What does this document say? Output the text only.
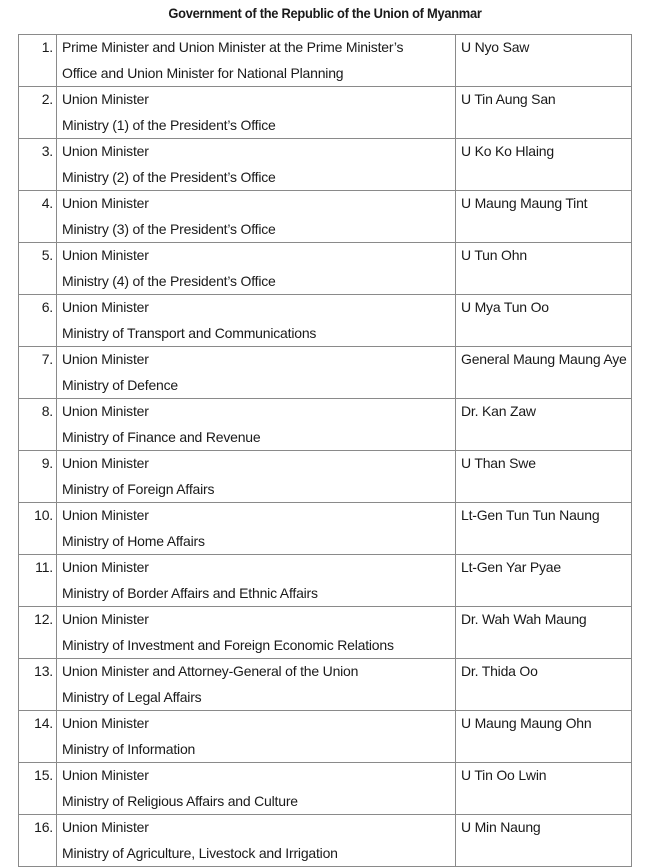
Government of the Republic of the Union of Myanmar
1.	Prime Minister and Union Minister at the Prime Minister’s
Office and Union Minister for National Planning	U Nyo Saw
2.	Union Minister
Ministry (1) of the President’s Office	U Tin Aung San
3.	Union Minister
Ministry (2) of the President’s Office	U Ko Ko Hlaing
4.	Union Minister
Ministry (3) of the President’s Office	U Maung Maung Tint
5.	Union Minister
Ministry (4) of the President’s Office	U Tun Ohn
6.	Union Minister
Ministry of Transport and Communications	U Mya Tun Oo
7.	Union Minister
Ministry of Defence	General Maung Maung Aye
8.	Union Minister
Ministry of Finance and Revenue	Dr. Kan Zaw
9.	Union Minister
Ministry of Foreign Affairs	U Than Swe
10.	Union Minister
Ministry of Home Affairs	Lt-Gen Tun Tun Naung
11.	Union Minister
Ministry of Border Affairs and Ethnic Affairs	Lt-Gen Yar Pyae
12.	Union Minister
Ministry of Investment and Foreign Economic Relations	Dr. Wah Wah Maung
13.	Union Minister and Attorney-General of the Union
Ministry of Legal Affairs	Dr. Thida Oo
14.	Union Minister
Ministry of Information	U Maung Maung Ohn
15.	Union Minister
Ministry of Religious Affairs and Culture	U Tin Oo Lwin
16.	Union Minister
Ministry of Agriculture, Livestock and Irrigation	U Min Naung
